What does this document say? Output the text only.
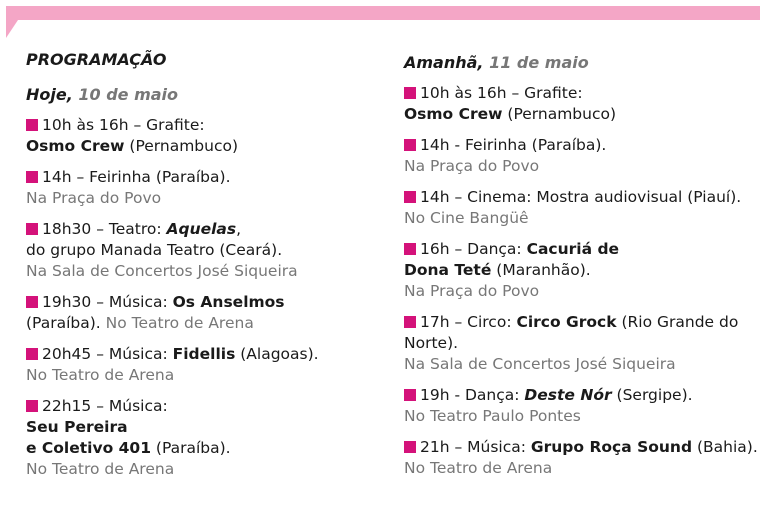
PROGRAMAÇÃO
Hoje, 10 de maio
10h às 16h – Grafite:
Osmo Crew (Pernambuco)
14h – Feirinha (Paraíba).
Na Praça do Povo
18h30 – Teatro: Aquelas,
do grupo Manada Teatro (Ceará).
Na Sala de Concertos José Siqueira
19h30 – Música: Os Anselmos
(Paraíba). No Teatro de Arena
20h45 – Música: Fidellis (Alagoas).
No Teatro de Arena
22h15 – Música:
Seu Pereira
e Coletivo 401 (Paraíba).
No Teatro de Arena
Amanhã, 11 de maio
10h às 16h – Grafite:
Osmo Crew (Pernambuco)
14h - Feirinha (Paraíba).
Na Praça do Povo
14h – Cinema: Mostra audiovisual (Piauí).
No Cine Bangüê
16h – Dança: Cacuriá de
Dona Teté (Maranhão).
Na Praça do Povo
17h – Circo: Circo Grock (Rio Grande do
Norte).
Na Sala de Concertos José Siqueira
19h - Dança: Deste Nór (Sergipe).
No Teatro Paulo Pontes
21h – Música: Grupo Roça Sound (Bahia).
No Teatro de Arena
